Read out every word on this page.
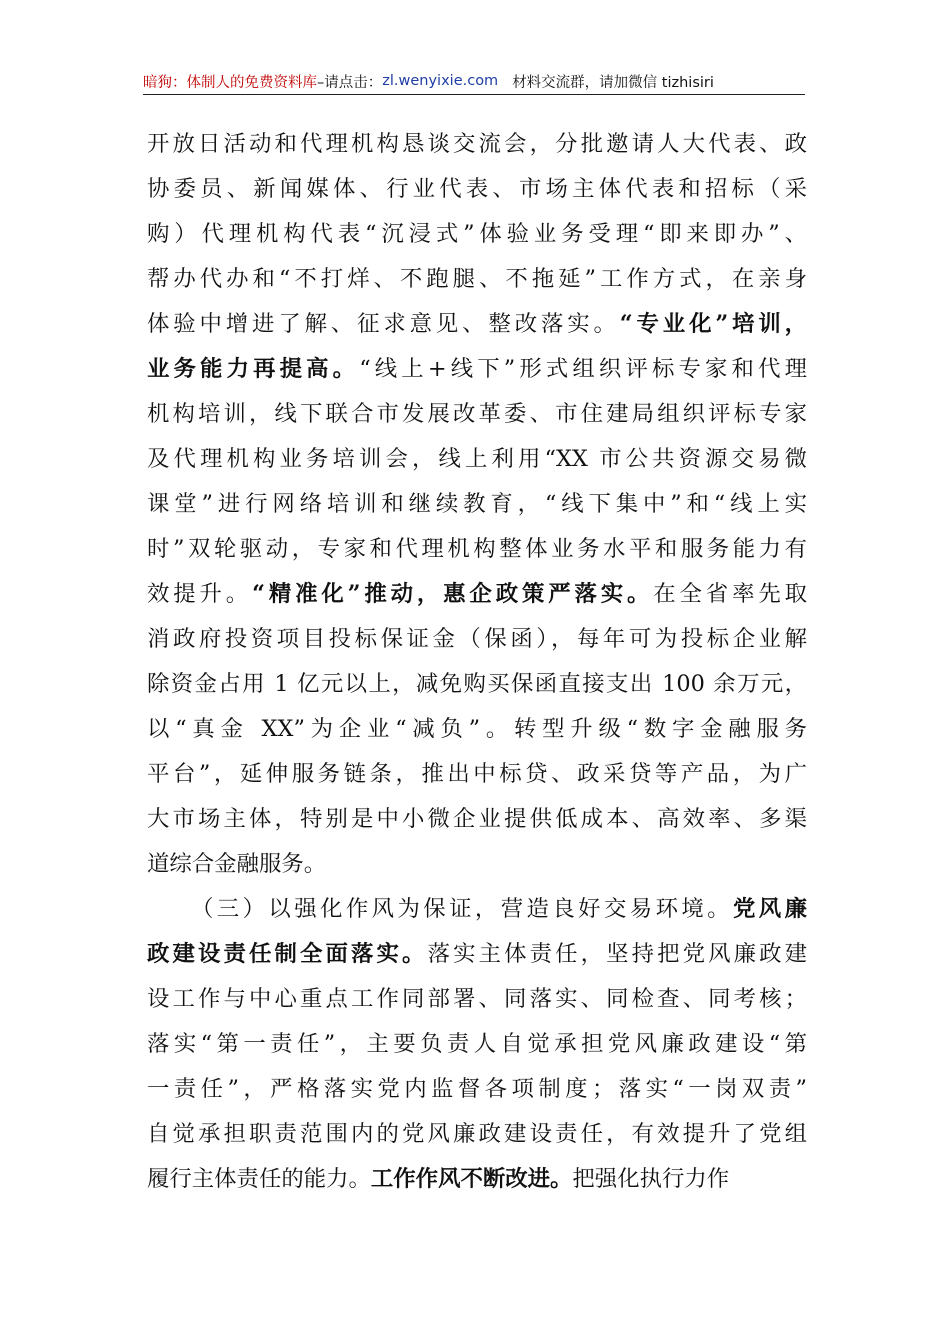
暗狗：体制人的免费资料库 –请点击： zl.wenyixie.com 材料交流群，请加微信 tizhisiri
开放日活动和代理机构恳谈交流会，分批邀请人大代表、政
协委员、新闻媒体、行业代表、市场主体代表和招标（采
购）代理机构代表“沉浸式”体验业务受理“即来即办”、
帮办代办和“不打烊、不跑腿、不拖延”工作方式，在亲身
体验中增进了解、征求意见、整改落实。“专业化”培训，
业务能力再提高。“线上+线下”形式组织评标专家和代理
机构培训，线下联合市发展改革委、市住建局组织评标专家
及代理机构业务培训会，线上利用“XX 市公共资源交易微
课堂”进行网络培训和继续教育，“线下集中”和“线上实
时”双轮驱动，专家和代理机构整体业务水平和服务能力有
效提升。“精准化”推动，惠企政策严落实。在全省率先取
消政府投资项目投标保证金（保函），每年可为投标企业解
除资金占用 1 亿元以上，减免购买保函直接支出 100 余万元，
以“真金 XX”为企业“减负”。转型升级“数字金融服务
平台”，延伸服务链条，推出中标贷、政采贷等产品，为广
大市场主体，特别是中小微企业提供低成本、高效率、多渠
道综合金融服务。
（三）以强化作风为保证，营造良好交易环境。党风廉
政建设责任制全面落实。落实主体责任，坚持把党风廉政建
设工作与中心重点工作同部署、同落实、同检查、同考核；
落实“第一责任”，主要负责人自觉承担党风廉政建设“第
一责任”，严格落实党内监督各项制度；落实“一岗双责”
自觉承担职责范围内的党风廉政建设责任，有效提升了党组
履行主体责任的能力。工作作风不断改进。把强化执行力作
